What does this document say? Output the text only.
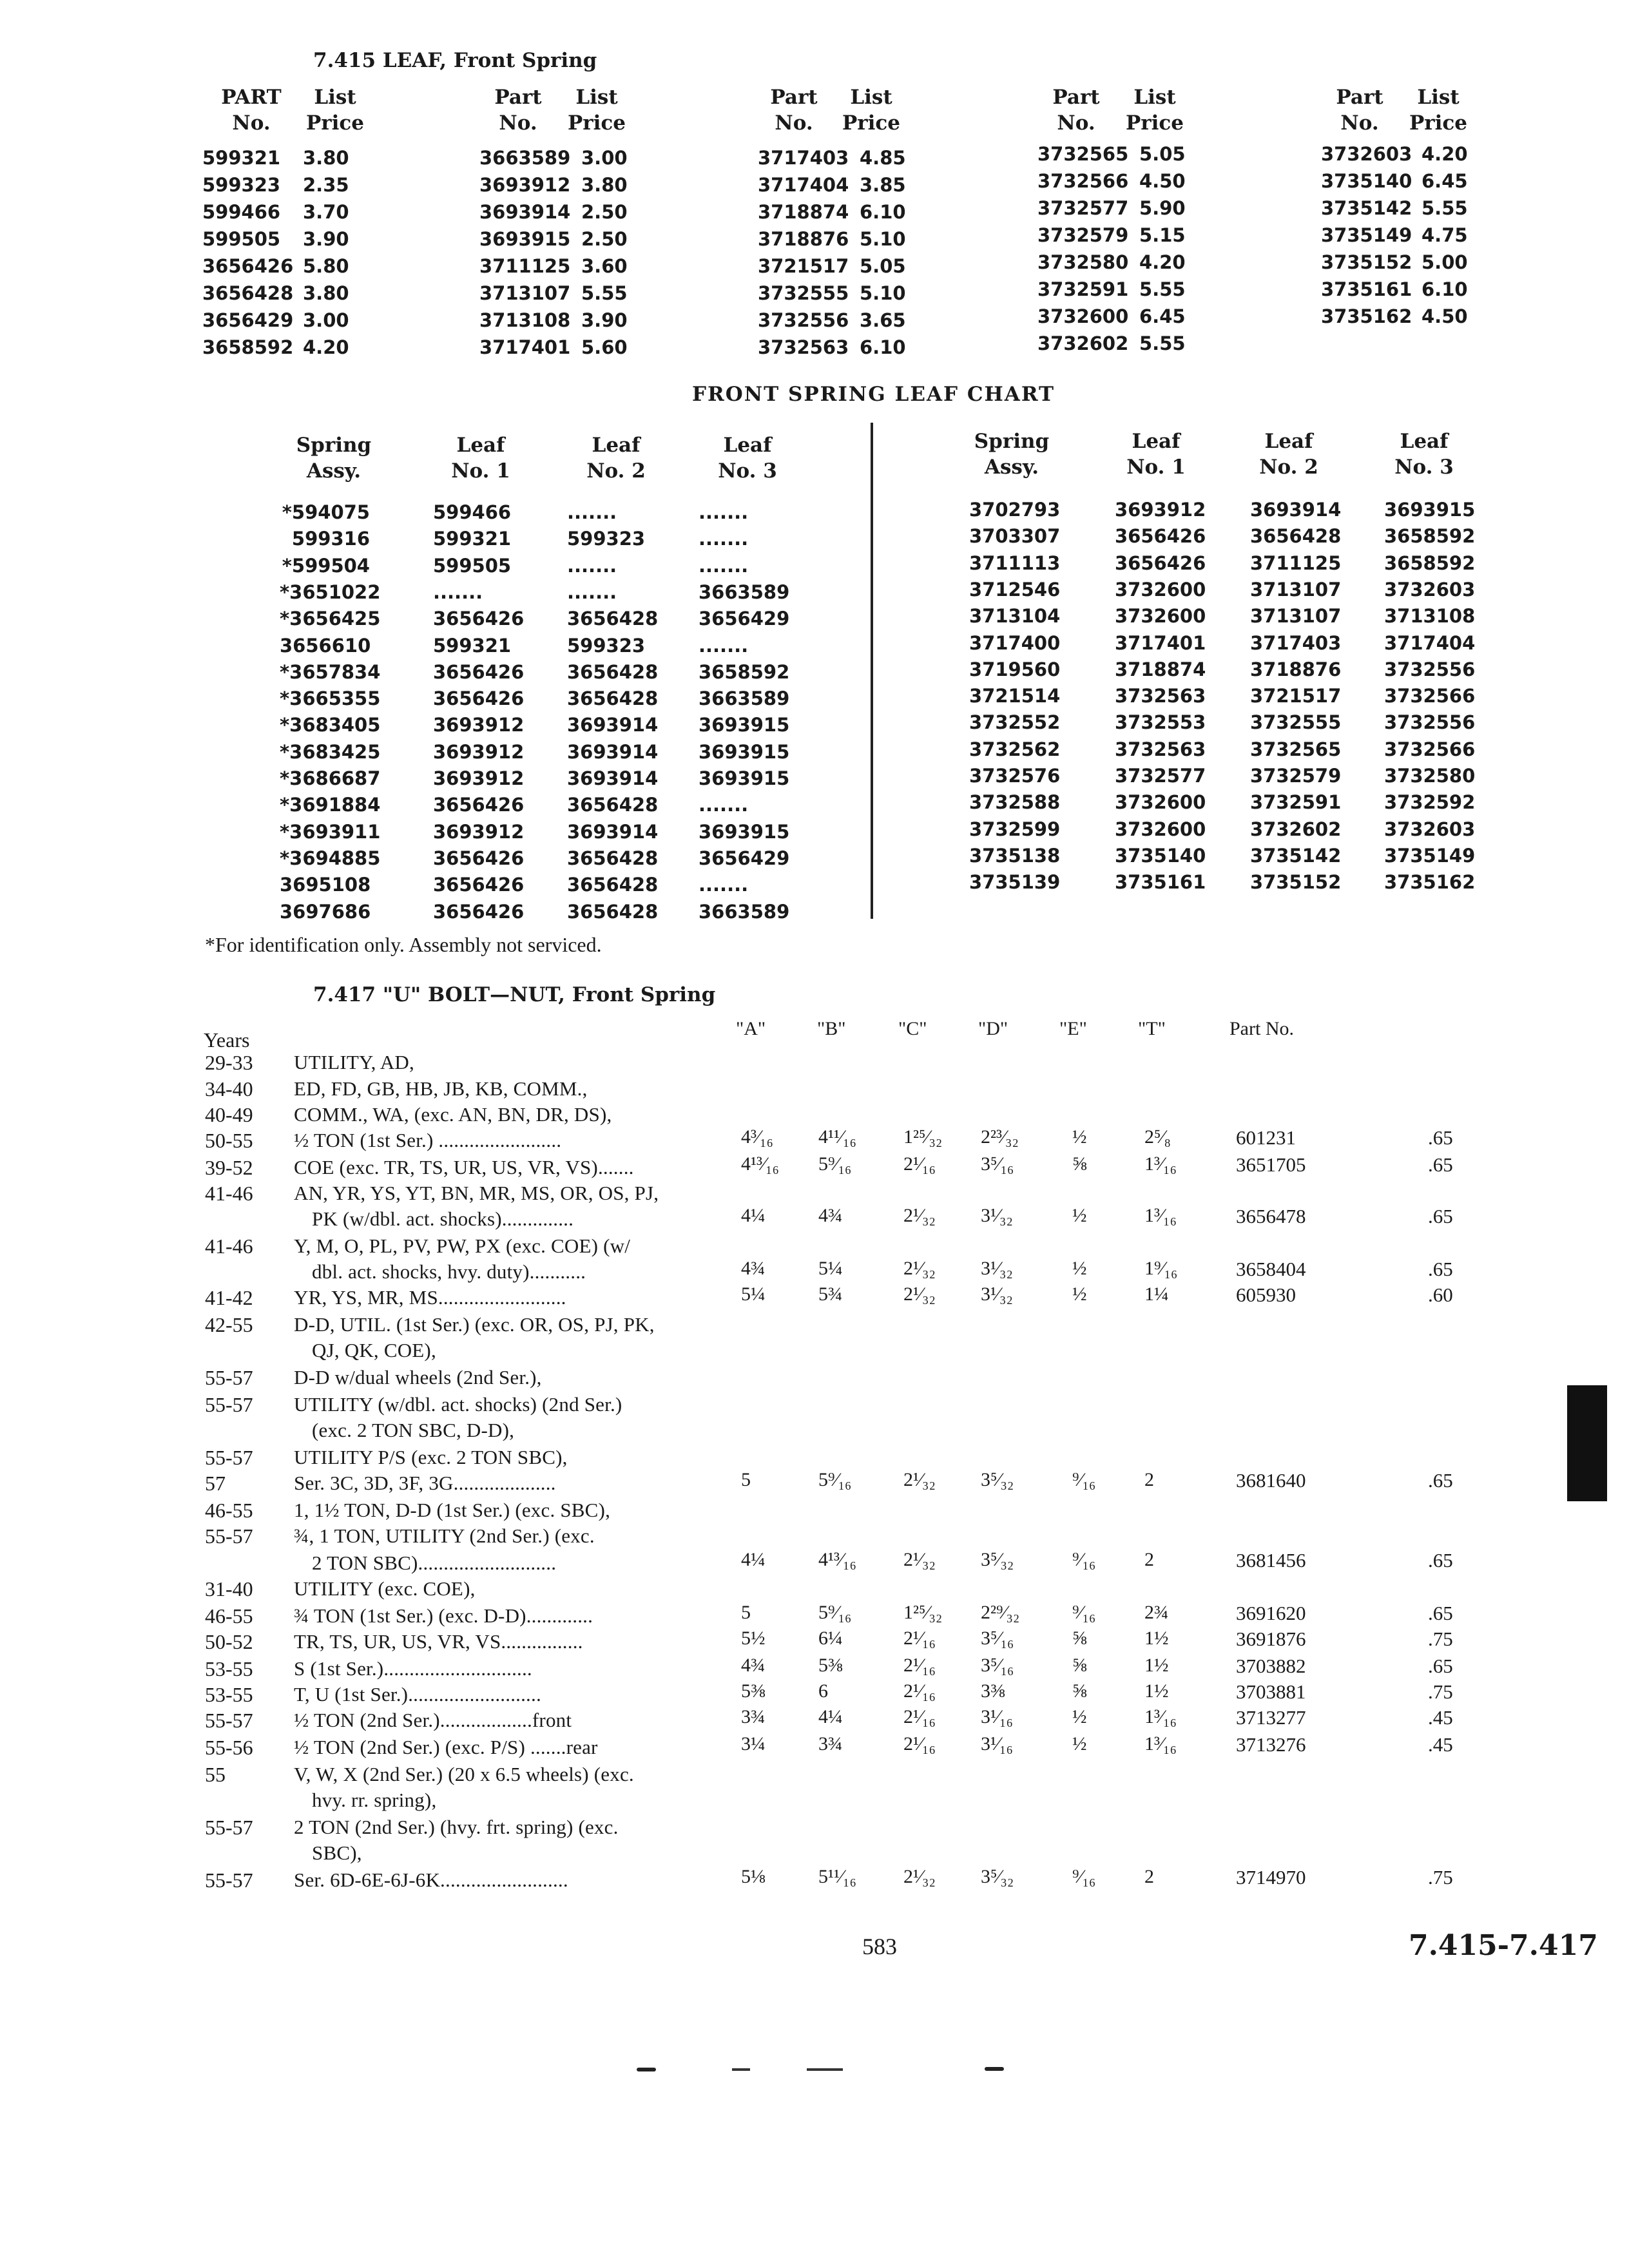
7.415 LEAF, Front Spring
PART
No.
List
Price
599321 3.80
599323 2.35
599466 3.70
599505 3.90
3656426 5.80
3656428 3.80
3656429 3.00
3658592 4.20
Part
No.
List
Price
3663589 3.00
3693912 3.80
3693914 2.50
3693915 2.50
3711125 3.60
3713107 5.55
3713108 3.90
3717401 5.60
Part
No.
List
Price
3717403 4.85
3717404 3.85
3718874 6.10
3718876 5.10
3721517 5.05
3732555 5.10
3732556 3.65
3732563 6.10
Part
No.
List
Price
3732565 5.05
3732566 4.50
3732577 5.90
3732579 5.15
3732580 4.20
3732591 5.55
3732600 6.45
3732602 5.55
Part
No.
List
Price
3732603 4.20
3735140 6.45
3735142 5.55
3735149 4.75
3735152 5.00
3735161 6.10
3735162 4.50
FRONT SPRING LEAF CHART
Spring
Assy.
Leaf
No. 1
Leaf
No. 2
Leaf
No. 3
Spring
Assy.
Leaf
No. 1
Leaf
No. 2
Leaf
No. 3
*594075	599466	.......	.......
599316	599321	599323	.......
*599504	599505	.......	.......
*3651022	.......	.......	3663589
*3656425	3656426	3656428	3656429
3656610	599321	599323	.......
*3657834	3656426	3656428	3658592
*3665355	3656426	3656428	3663589
*3683405	3693912	3693914	3693915
*3683425	3693912	3693914	3693915
*3686687	3693912	3693914	3693915
*3691884	3656426	3656428	.......
*3693911	3693912	3693914	3693915
*3694885	3656426	3656428	3656429
3695108	3656426	3656428	.......
3697686	3656426	3656428	3663589
3702793	3693912 3693914 3693915
3703307	3656426 3656428 3658592
3711113	3656426 3711125 3658592
3712546	3732600 3713107 3732603
3713104	3732600 3713107 3713108
3717400	3717401 3717403 3717404
3719560	3718874 3718876 3732556
3721514	3732563 3721517 3732566
3732552	3732553 3732555 3732556
3732562	3732563 3732565 3732566
3732576	3732577 3732579 3732580
3732588	3732600 3732591 3732592
3732599	3732600 3732602 3732603
3735138	3735140 3735142 3735149
3735139	3735161 3735152 3735162
*For identification only. Assembly not serviced.
7.417 "U" BOLT—NUT, Front Spring
Years	"A"	"B"	"C"	"D"	"E"	"T"	Part No.
29-33 UTILITY, AD,
34-40 ED, FD, GB, HB, JB, KB, COMM.,
40-49 COMM., WA, (exc. AN, BN, DR, DS),
50-55 ½ TON (1st Ser.) ........................	4³⁄₁₆ 4¹¹⁄₁₆ 1²⁵⁄₃₂ 2²³⁄₃₂	½	2⁵⁄₈	601231	.65
39-52 COE (exc. TR, TS, UR, US, VR, VS).......	4¹³⁄₁₆ 5⁹⁄₁₆	2¹⁄₁₆ 3⁵⁄₁₆	⅝	1³⁄₁₆	3651705	.65
41-46 AN, YR, YS, YT, BN, MR, MS, OR, OS, PJ,
PK (w/dbl. act. shocks)..............	4¼	4¾	2¹⁄₃₂ 3¹⁄₃₂	½	1³⁄₁₆	3656478	.65
41-46 Y, M, O, PL, PV, PW, PX (exc. COE) (w/
dbl. act. shocks, hvy. duty)...........	4¾	5¼	2¹⁄₃₂ 3¹⁄₃₂	½	1⁹⁄₁₆	3658404	.65
41-42 YR, YS, MR, MS.........................	5¼	5¾	2¹⁄₃₂ 3¹⁄₃₂	½	1¼	605930	.60
42-55 D-D, UTIL. (1st Ser.) (exc. OR, OS, PJ, PK,
QJ, QK, COE),
55-57 D-D w/dual wheels (2nd Ser.),
55-57 UTILITY (w/dbl. act. shocks) (2nd Ser.)
(exc. 2 TON SBC, D-D),
55-57 UTILITY P/S (exc. 2 TON SBC),
57	Ser. 3C, 3D, 3F, 3G....................	5	5⁹⁄₁₆	2¹⁄₃₂ 3⁵⁄₃₂	⁹⁄₁₆	2	3681640	.65
46-55 1, 1½ TON, D-D (1st Ser.) (exc. SBC),
55-57 ¾, 1 TON, UTILITY (2nd Ser.) (exc.
2 TON SBC)...........................	4¼	4¹³⁄₁₆ 2¹⁄₃₂ 3⁵⁄₃₂	⁹⁄₁₆	2	3681456	.65
31-40 UTILITY (exc. COE),
46-55 ¾ TON (1st Ser.) (exc. D-D).............	5	5⁹⁄₁₆	1²⁵⁄₃₂ 2²⁹⁄₃₂	⁹⁄₁₆	2¾	3691620	.65
50-52 TR, TS, UR, US, VR, VS................	5½	6¼	2¹⁄₁₆ 3⁵⁄₁₆	⅝	1½	3691876	.75
53-55 S (1st Ser.).............................	4¾	5⅜	2¹⁄₁₆ 3⁵⁄₁₆	⅝	1½	3703882	.65
53-55 T, U (1st Ser.)..........................	5⅜	6	2¹⁄₁₆ 3⅜	⅝	1½	3703881	.75
55-57 ½ TON (2nd Ser.)..................front	3¾	4¼	2¹⁄₁₆ 3¹⁄₁₆	½	1³⁄₁₆	3713277	.45
55-56 ½ TON (2nd Ser.) (exc. P/S) .......rear	3¼	3¾	2¹⁄₁₆ 3¹⁄₁₆	½	1³⁄₁₆	3713276	.45
55	V, W, X (2nd Ser.) (20 x 6.5 wheels) (exc.
hvy. rr. spring),
55-57 2 TON (2nd Ser.) (hvy. frt. spring) (exc.
SBC),
55-57 Ser. 6D-6E-6J-6K.........................	5⅛	5¹¹⁄₁₆ 2¹⁄₃₂ 3⁵⁄₃₂	⁹⁄₁₆	2	3714970	.75
583	7.415-7.417
